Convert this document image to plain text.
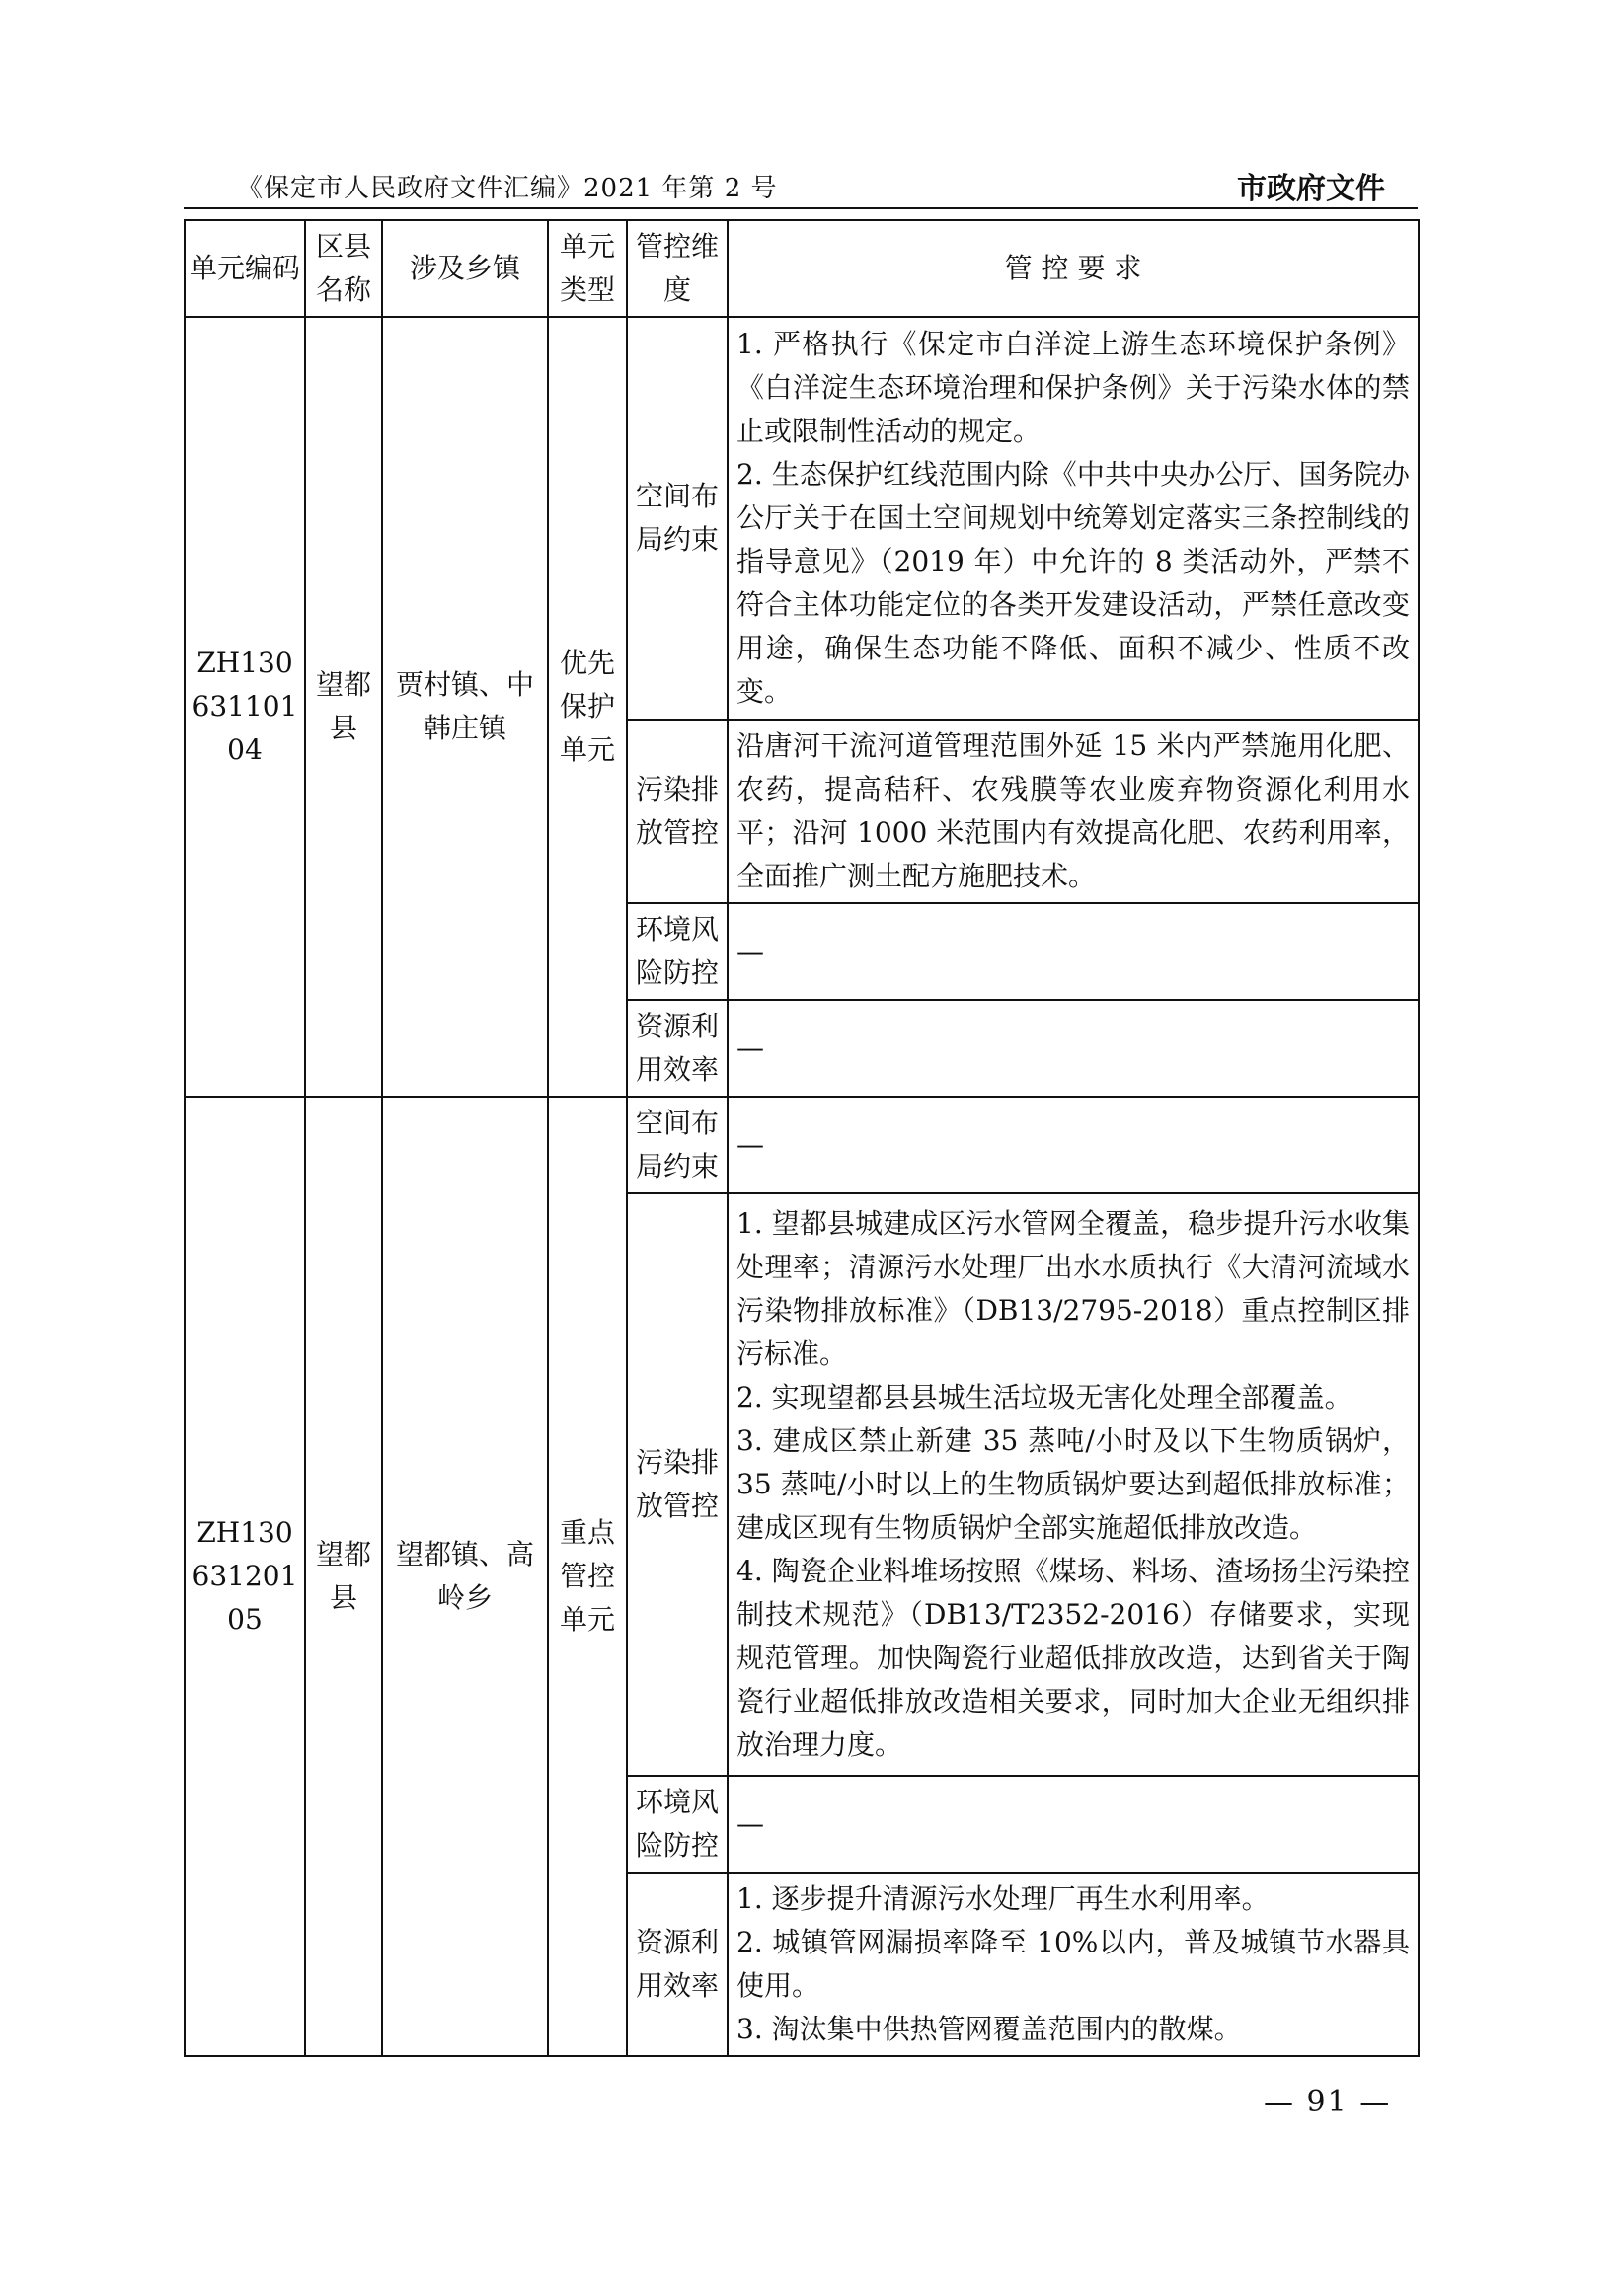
《保定市人民政府文件汇编》2021 年第 2 号	市政府文件
单元编码	区县名称	涉及乡镇	单元类型	管控维度	管 控 要 求
ZH13063110104	望都县	贾村镇、中韩庄镇	优先保护单元	空间布局约束	1. 严格执行《保定市白洋淀上游生态环境保护条例》《白洋淀生态环境治理和保护条例》关于污染水体的禁止或限制性活动的规定。
2. 生态保护红线范围内除《中共中央办公厅、国务院办公厅关于在国土空间规划中统筹划定落实三条控制线的指导意见》（2019 年）中允许的 8 类活动外，严禁不符合主体功能定位的各类开发建设活动，严禁任意改变用途，确保生态功能不降低、面积不减少、性质不改变。

				污染排放管控	沿唐河干流河道管理范围外延 15 米内严禁施用化肥、农药，提高秸秆、农残膜等农业废弃物资源化利用水平；沿河 1000 米范围内有效提高化肥、农药利用率，全面推广测土配方施肥技术。

				环境风险防控	—

				资源利用效率	—

ZH13063120105	望都县	望都镇、高岭乡	重点管控单元	空间布局约束	—

				污染排放管控	1. 望都县城建成区污水管网全覆盖，稳步提升污水收集处理率；清源污水处理厂出水水质执行《大清河流域水污染物排放标准》（DB13/2795-2018）重点控制区排污标准。
2. 实现望都县县城生活垃圾无害化处理全部覆盖。
3. 建成区禁止新建 35 蒸吨/小时及以下生物质锅炉，35 蒸吨/小时以上的生物质锅炉要达到超低排放标准；建成区现有生物质锅炉全部实施超低排放改造。
4. 陶瓷企业料堆场按照《煤场、料场、渣场扬尘污染控制技术规范》（DB13/T2352-2016）存储要求，实现规范管理。加快陶瓷行业超低排放改造，达到省关于陶瓷行业超低排放改造相关要求，同时加大企业无组织排放治理力度。

				环境风险防控	—

				资源利用效率	1. 逐步提升清源污水处理厂再生水利用率。
2. 城镇管网漏损率降至 10%以内，普及城镇节水器具使用。
3. 淘汰集中供热管网覆盖范围内的散煤。
— 91 —
